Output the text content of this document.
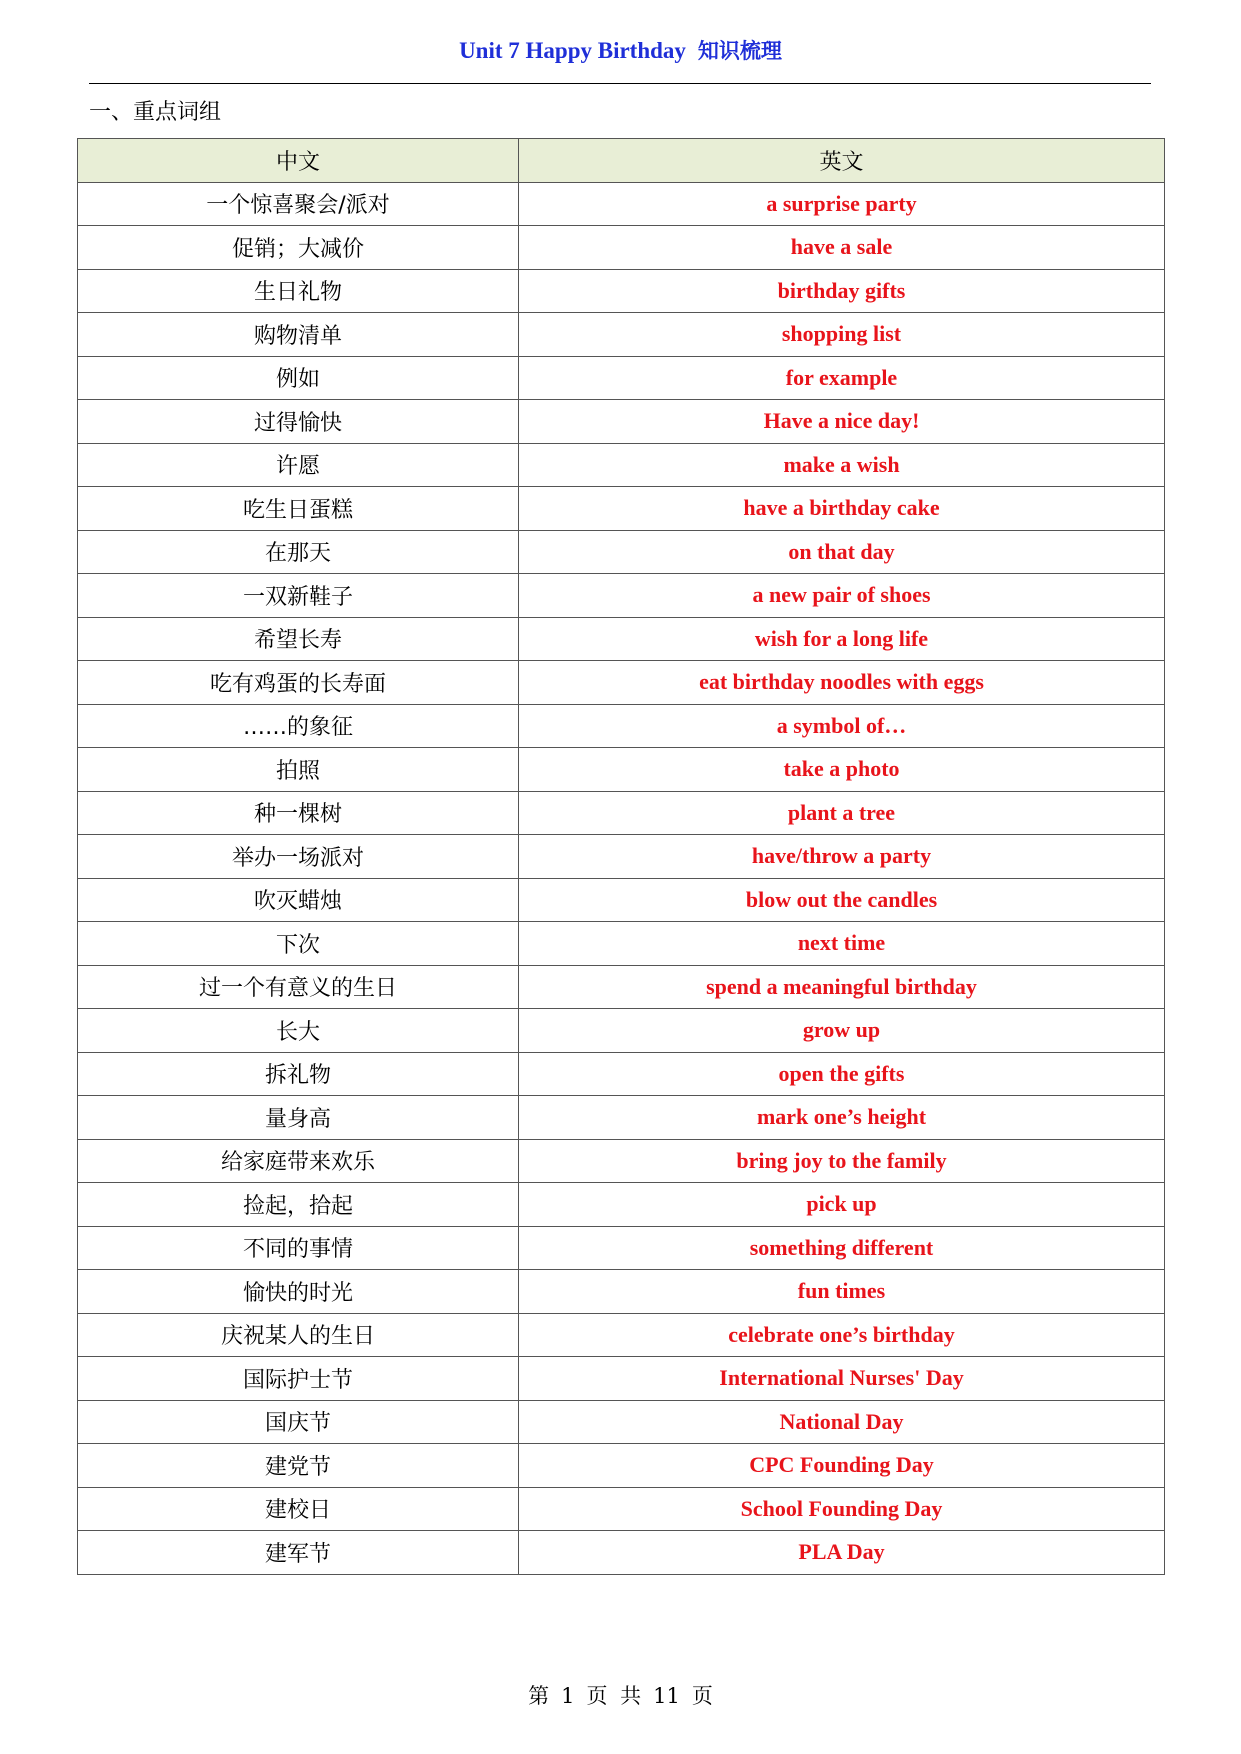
Unit 7 Happy Birthday 知识梳理
一、重点词组
中文	英文
一个惊喜聚会/派对	a surprise party
促销；大减价	have a sale
生日礼物	birthday gifts
购物清单	shopping list
例如	for example
过得愉快	Have a nice day!
许愿	make a wish
吃生日蛋糕	have a birthday cake
在那天	on that day
一双新鞋子	a new pair of shoes
希望长寿	wish for a long life
吃有鸡蛋的长寿面	eat birthday noodles with eggs
……的象征	a symbol of…
拍照	take a photo
种一棵树	plant a tree
举办一场派对	have/throw a party
吹灭蜡烛	blow out the candles
下次	next time
过一个有意义的生日	spend a meaningful birthday
长大	grow up
拆礼物	open the gifts
量身高	mark one’s height
给家庭带来欢乐	bring joy to the family
捡起，拾起	pick up
不同的事情	something different
愉快的时光	fun times
庆祝某人的生日	celebrate one’s birthday
国际护士节	International Nurses' Day
国庆节	National Day
建党节	CPC Founding Day
建校日	School Founding Day
建军节	PLA Day
第 1 页 共 11 页
